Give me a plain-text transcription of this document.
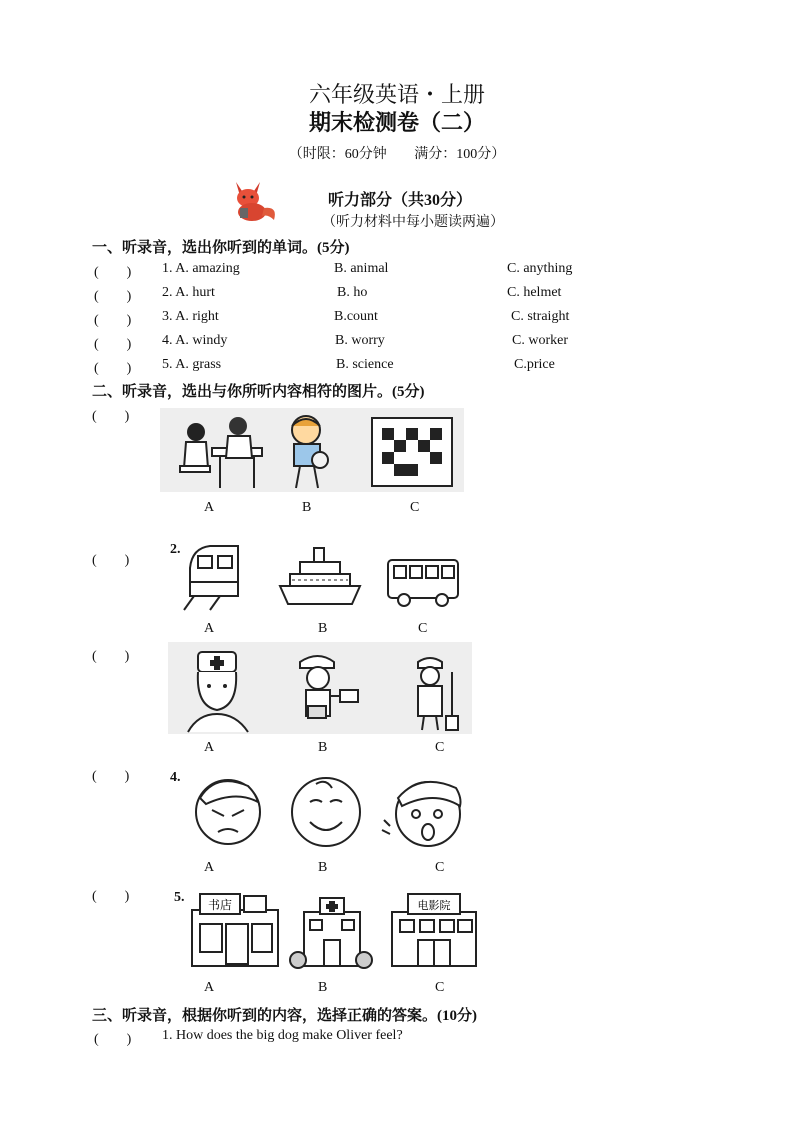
六年级英语・上册
期末检测卷（二）
（时限：60分钟 满分：100分）
听力部分（共30分）
（听力材料中每小题读两遍）
一、听录音，选出你听到的单词。(5分)
(　　) 1. A. amazing	B. animal	C. anything
(　　) 2. A. hurt	B. ho	C. helmet
(　　) 3. A. right	B.count	C. straight
(　　) 4. A. windy	B. worry	C. worker
(　　) 5. A. grass	B. science	C.price
二、听录音，选出与你所听内容相符的图片。(5分)
(　　)
A	B	C
(　　)
2.
A	B	C
(　　)
A	B	C
(　　)	4.
A	B	C
(　　)	5. 书店	电影院
A	B	C
三、听录音，根据你听到的内容，选择正确的答案。(10分)
(　　) 1. How does the big dog make Oliver feel?
